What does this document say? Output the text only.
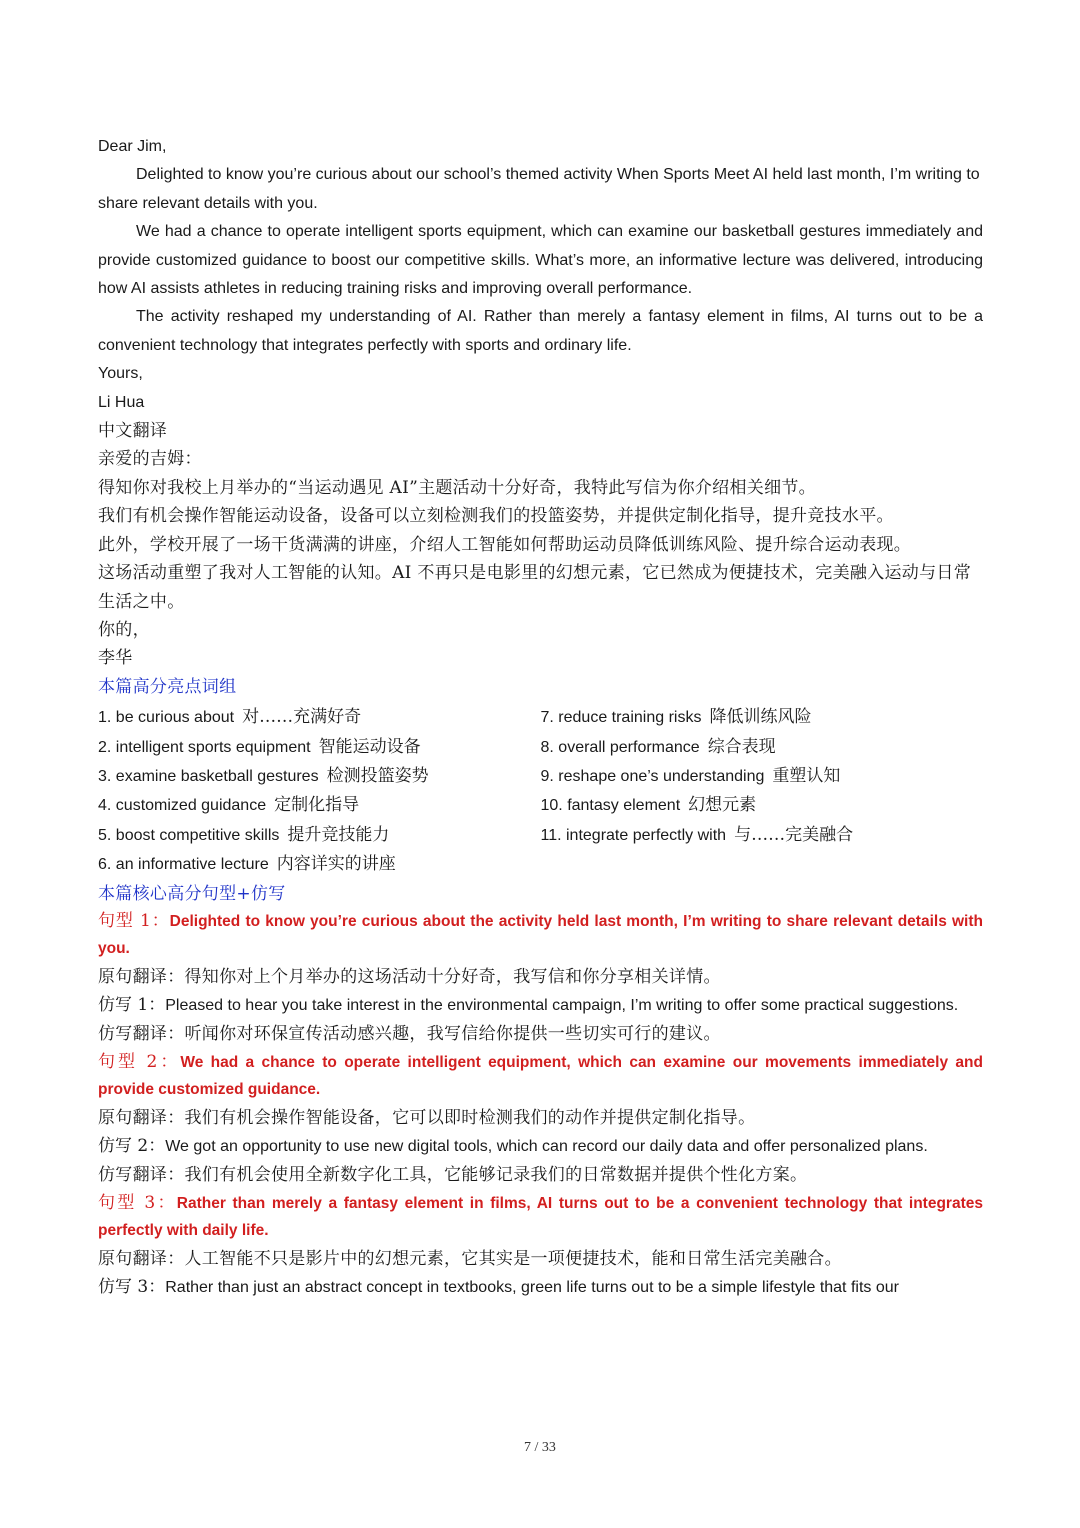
Dear Jim,

Delighted to know you’re curious about our school’s themed activity When Sports Meet AI held last month, I’m writing to share relevant details with you.

We had a chance to operate intelligent sports equipment, which can examine our basketball gestures immediately and provide customized guidance to boost our competitive skills. What’s more, an informative lecture was delivered, introducing how AI assists athletes in reducing training risks and improving overall performance.

The activity reshaped my understanding of AI. Rather than merely a fantasy element in films, AI turns out to be a convenient technology that integrates perfectly with sports and ordinary life.

Yours,

Li Hua

中文翻译

亲爱的吉姆：

得知你对我校上月举办的“当运动遇见 AI”主题活动十分好奇，我特此写信为你介绍相关细节。

我们有机会操作智能运动设备，设备可以立刻检测我们的投篮姿势，并提供定制化指导，提升竞技水平。

此外，学校开展了一场干货满满的讲座，介绍人工智能如何帮助运动员降低训练风险、提升综合运动表现。

这场活动重塑了我对人工智能的认知。AI 不再只是电影里的幻想元素，它已然成为便捷技术，完美融入运动与日常生活之中。

你的，

李华

本篇高分亮点词组

1. be curious about 对……充满好奇
2. intelligent sports equipment 智能运动设备
3. examine basketball gestures 检测投篮姿势
4. customized guidance 定制化指导
5. boost competitive skills 提升竞技能力
6. an informative lecture 内容详实的讲座
7. reduce training risks 降低训练风险
8. overall performance 综合表现
9. reshape one’s understanding 重塑认知
10. fantasy element 幻想元素
11. integrate perfectly with 与……完美融合

本篇核心高分句型+仿写

句型 1：Delighted to know you’re curious about the activity held last month, I’m writing to share relevant details with you.

原句翻译：得知你对上个月举办的这场活动十分好奇，我写信和你分享相关详情。

仿写 1：Pleased to hear you take interest in the environmental campaign, I’m writing to offer some practical suggestions.

仿写翻译：听闻你对环保宣传活动感兴趣，我写信给你提供一些切实可行的建议。

句型 2：We had a chance to operate intelligent equipment, which can examine our movements immediately and provide customized guidance.

原句翻译：我们有机会操作智能设备，它可以即时检测我们的动作并提供定制化指导。

仿写 2：We got an opportunity to use new digital tools, which can record our daily data and offer personalized plans.

仿写翻译：我们有机会使用全新数字化工具，它能够记录我们的日常数据并提供个性化方案。

句型 3：Rather than merely a fantasy element in films, AI turns out to be a convenient technology that integrates perfectly with daily life.

原句翻译：人工智能不只是影片中的幻想元素，它其实是一项便捷技术，能和日常生活完美融合。

仿写 3：Rather than just an abstract concept in textbooks, green life turns out to be a simple lifestyle that fits our

7 / 33
